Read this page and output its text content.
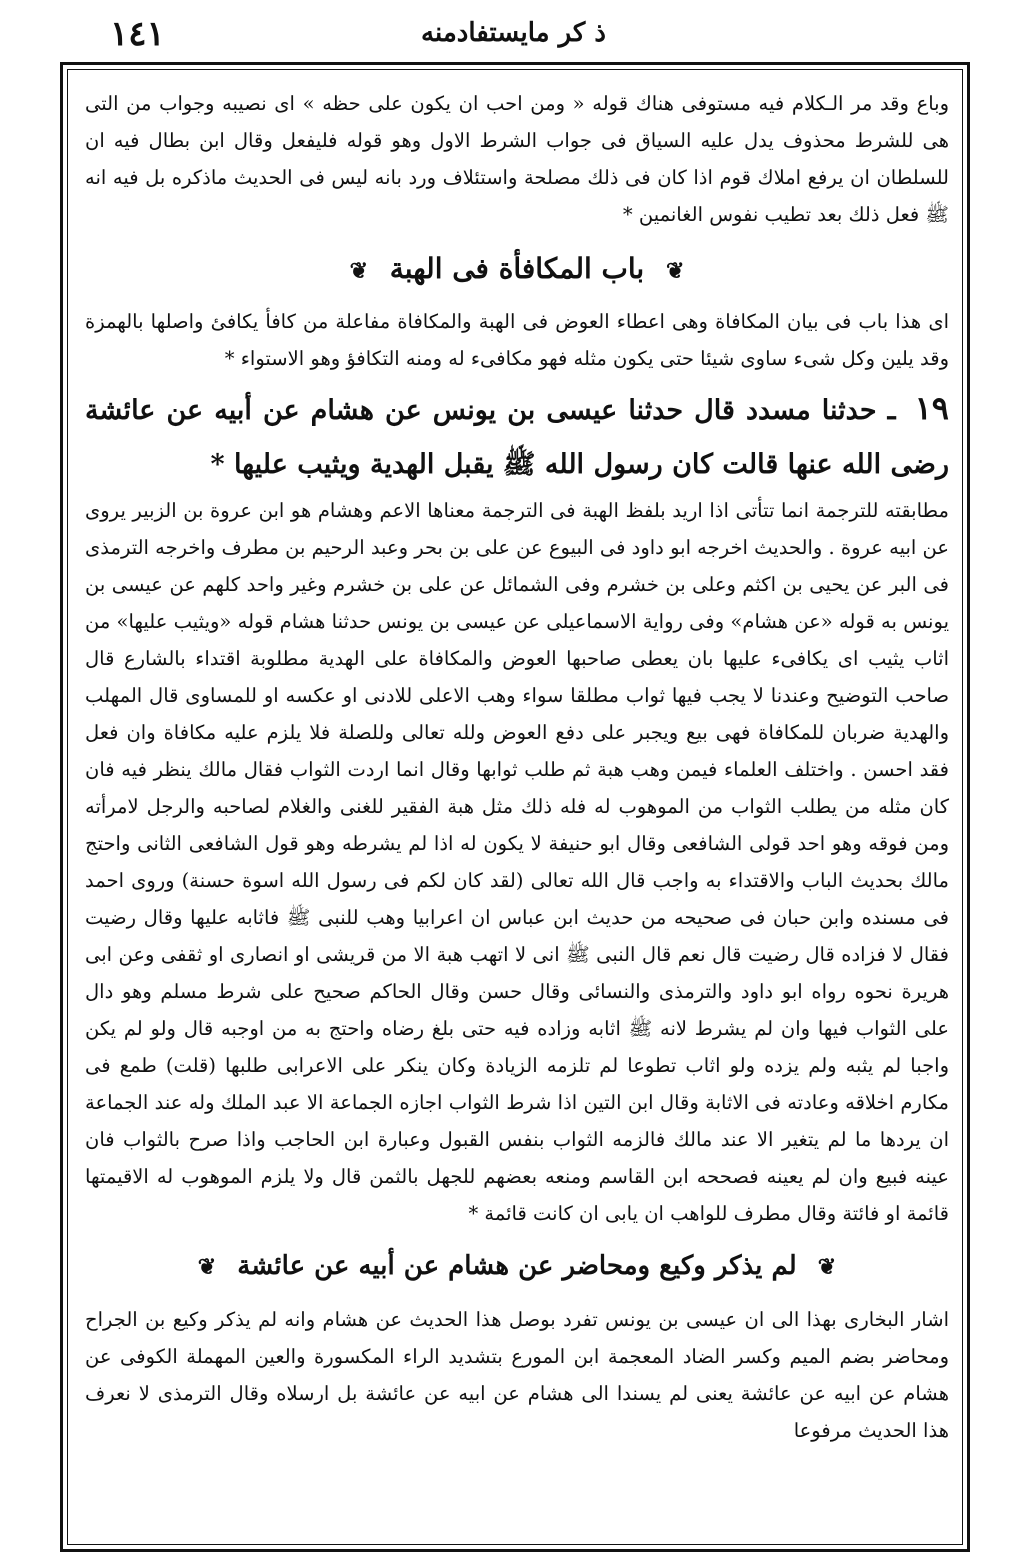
١٤١	ذ کر مایستفادمنه

وباع وقد مر الـكلام فيه مستوفى هناك قوله « ومن احب ان يكون على حظه » اى نصيبه وجواب من التى هى للشرط محذوف يدل عليه السياق فى جواب الشرط الاول وهو قوله فليفعل وقال ابن بطال فيه ان للسلطان ان يرفع املاك قوم اذا كان فى ذلك مصلحة واستئلاف ورد بانه ليس فى الحديث ماذكره بل فيه انه ﷺ فعل ذلك بعد تطيب نفوس الغانمين *

❦ باب المكافأة فى الهبة ❦

اى هذا باب فى بيان المكافاة وهى اعطاء العوض فى الهبة والمكافاة مفاعلة من كافأ يكافئ واصلها بالهمزة وقد يلين وكل شىء ساوى شيئا حتى يكون مثله فهو مكافىء له ومنه التكافؤ وهو الاستواء *

١٩ ـ حدثنا مسدد قال حدثنا عيسى بن يونس عن هشام عن أبيه عن عائشة رضى الله عنها قالت كان رسول الله ﷺ يقبل الهدية ويثيب عليها *

مطابقته للترجمة انما تتأتى اذا اريد بلفظ الهبة فى الترجمة معناها الاعم وهشام هو ابن عروة بن الزبير يروى عن ابيه عروة . والحديث اخرجه ابو داود فى البيوع عن على بن بحر وعبد الرحيم بن مطرف واخرجه الترمذى فى البر عن يحيى بن اكثم وعلى بن خشرم وفى الشمائل عن على بن خشرم وغير واحد كلهم عن عيسى بن يونس به قوله «عن هشام» وفى رواية الاسماعيلى عن عيسى بن يونس حدثنا هشام قوله «ويثيب عليها» من اثاب يثيب اى يكافىء عليها بان يعطى صاحبها العوض والمكافاة على الهدية مطلوبة اقتداء بالشارع قال صاحب التوضيح وعندنا لا يجب فيها ثواب مطلقا سواء وهب الاعلى للادنى او عكسه او للمساوى قال المهلب والهدية ضربان للمكافاة فهى بيع ويجبر على دفع العوض ولله تعالى وللصلة فلا يلزم عليه مكافاة وان فعل فقد احسن . واختلف العلماء فيمن وهب هبة ثم طلب ثوابها وقال انما اردت الثواب فقال مالك ينظر فيه فان كان مثله من يطلب الثواب من الموهوب له فله ذلك مثل هبة الفقير للغنى والغلام لصاحبه والرجل لامرأته ومن فوقه وهو احد قولى الشافعى وقال ابو حنيفة لا يكون له اذا لم يشرطه وهو قول الشافعى الثانى واحتج مالك بحديث الباب والاقتداء به واجب قال الله تعالى (لقد كان لكم فى رسول الله اسوة حسنة) وروى احمد فى مسنده وابن حبان فى صحيحه من حديث ابن عباس ان اعرابيا وهب للنبى ﷺ فاثابه عليها وقال رضيت فقال لا فزاده قال رضيت قال نعم قال النبى ﷺ انى لا اتهب هبة الا من قريشى او انصارى او ثقفى وعن ابى هريرة نحوه رواه ابو داود والترمذى والنسائى وقال حسن وقال الحاكم صحيح على شرط مسلم وهو دال على الثواب فيها وان لم يشرط لانه ﷺ اثابه وزاده فيه حتى بلغ رضاه واحتج به من اوجبه قال ولو لم يكن واجبا لم يثبه ولم يزده ولو اثاب تطوعا لم تلزمه الزيادة وكان ينكر على الاعرابى طلبها (قلت) طمع فى مكارم اخلاقه وعادته فى الاثابة وقال ابن التين اذا شرط الثواب اجازه الجماعة الا عبد الملك وله عند الجماعة ان يردها ما لم يتغير الا عند مالك فالزمه الثواب بنفس القبول وعبارة ابن الحاجب واذا صرح بالثواب فان عينه فبيع وان لم يعينه فصححه ابن القاسم ومنعه بعضهم للجهل بالثمن قال ولا يلزم الموهوب له الاقيمتها قائمة او فائتة وقال مطرف للواهب ان يابى ان كانت قائمة *

❦ لم يذكر وكيع ومحاضر عن هشام عن أبيه عن عائشة ❦

اشار البخارى بهذا الى ان عيسى بن يونس تفرد بوصل هذا الحديث عن هشام وانه لم يذكر وكيع بن الجراح ومحاضر بضم الميم وكسر الضاد المعجمة ابن المورع بتشديد الراء المكسورة والعين المهملة الكوفى عن هشام عن ابيه عن عائشة يعنى لم يسندا الى هشام عن ابيه عن عائشة بل ارسلاه وقال الترمذى لا نعرف هذا الحديث مرفوعا
